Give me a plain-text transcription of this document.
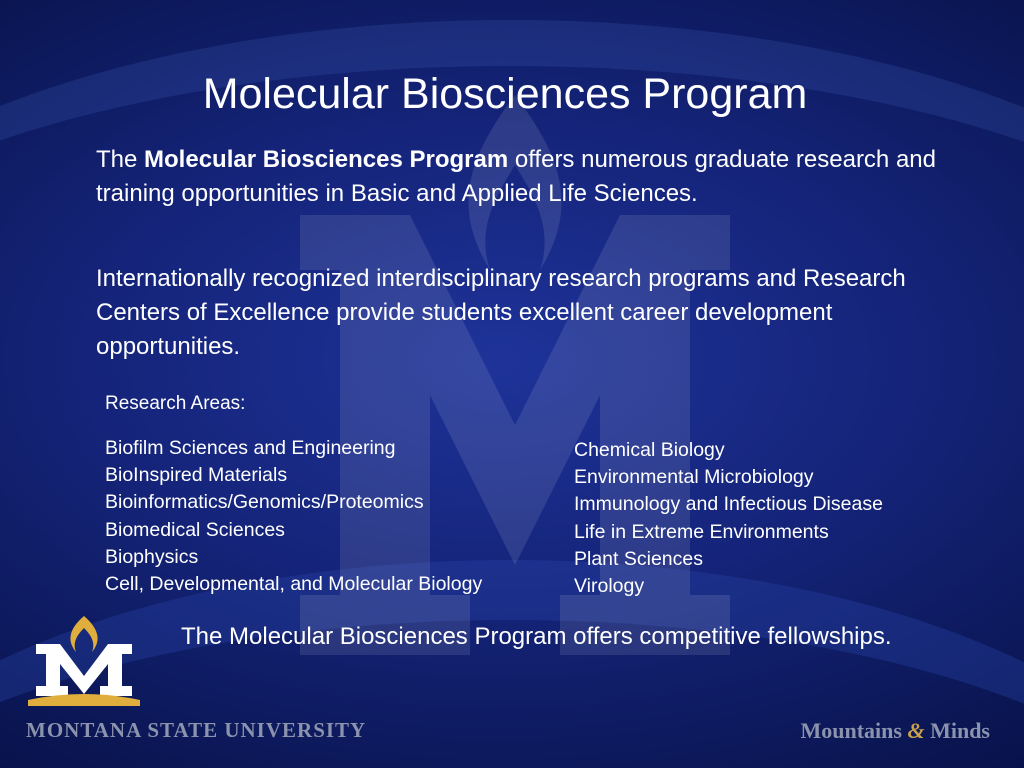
Molecular Biosciences Program

The Molecular Biosciences Program offers numerous graduate research and training opportunities in Basic and Applied Life Sciences.

Internationally recognized interdisciplinary research programs and Research Centers of Excellence provide students excellent career development opportunities.

Research Areas:
Biofilm Sciences and Engineering
BioInspired Materials
Bioinformatics/Genomics/Proteomics
Biomedical Sciences
Biophysics
Cell, Developmental, and Molecular Biology
Chemical Biology
Environmental Microbiology
Immunology and Infectious Disease
Life in Extreme Environments
Plant Sciences
Virology

The Molecular Biosciences Program offers competitive fellowships.

MONTANA STATE UNIVERSITY	Mountains & Minds
